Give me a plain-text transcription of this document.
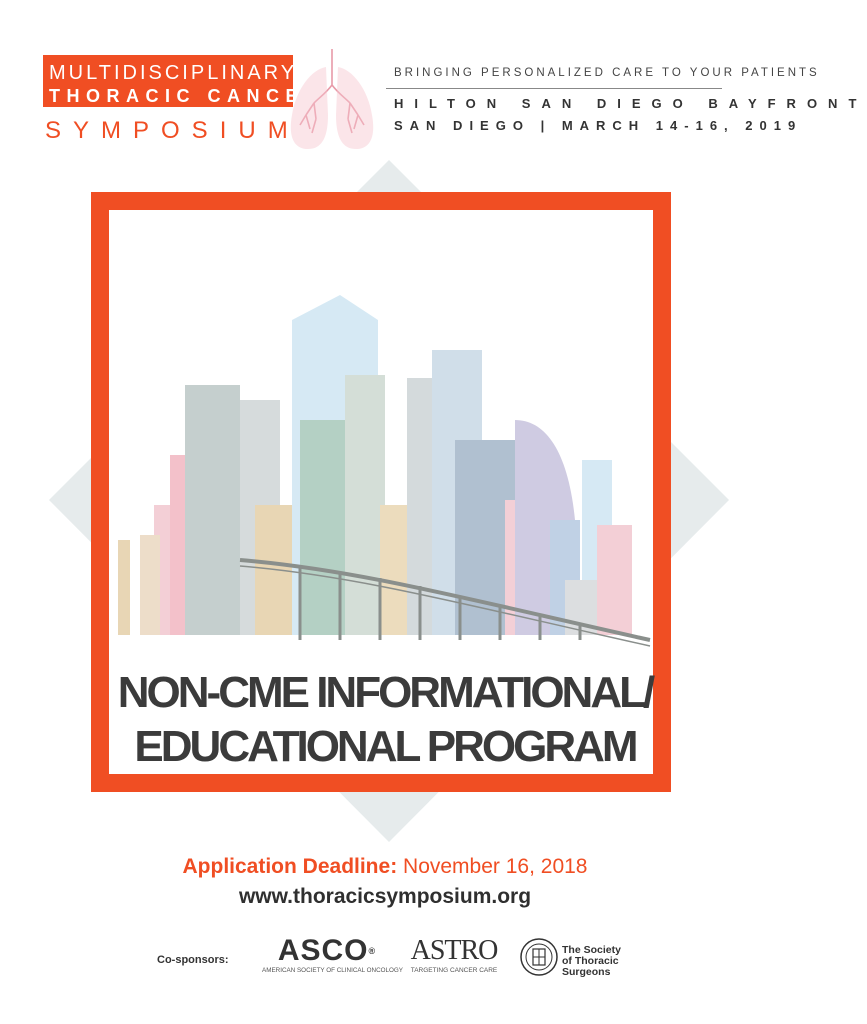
MULTIDISCIPLINARY
THORACIC CANCERS
SYMPOSIUM
BRINGING PERSONALIZED CARE TO YOUR PATIENTS
HILTON SAN DIEGO BAYFRONT
SAN DIEGO | MARCH 14-16, 2019
NON-CME INFORMATIONAL/
EDUCATIONAL PROGRAM
Application Deadline: November 16, 2018
www.thoracicsymposium.org
Co-sponsors:	ASCO®
AMERICAN SOCIETY OF CLINICAL ONCOLOGY
ASTRO
TARGETING CANCER CARE
The Society
of Thoracic
Surgeons
